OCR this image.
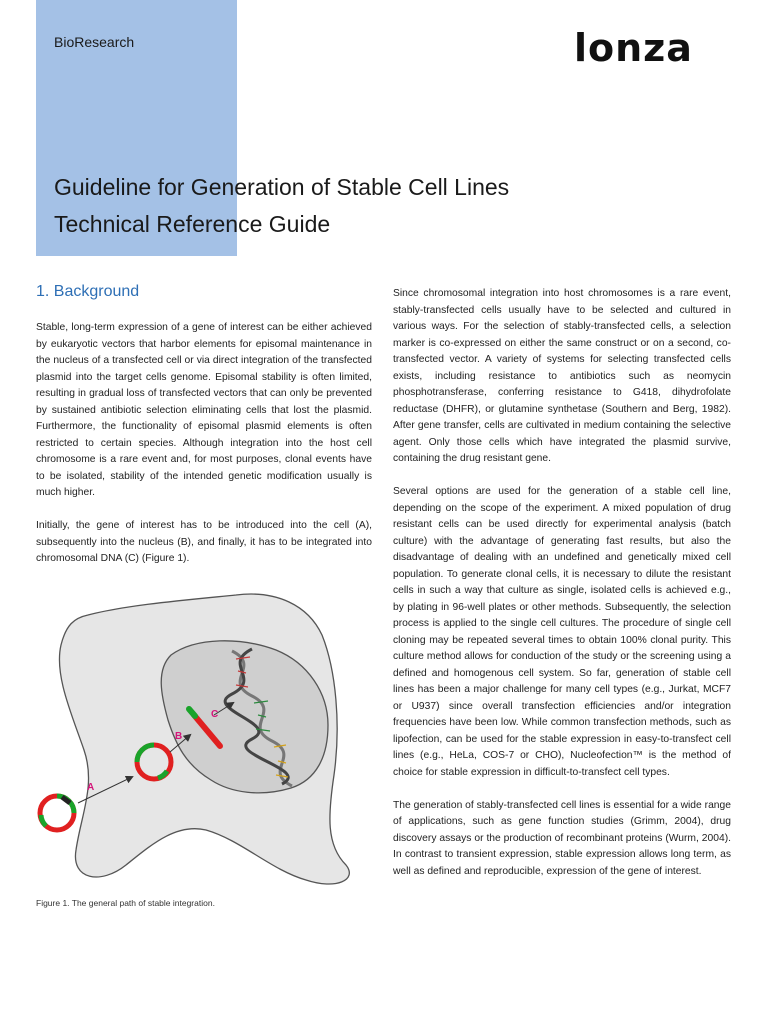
BioResearch	lonza
Guideline for Generation of Stable Cell Lines
Technical Reference Guide
1. Background

Stable, long-term expression of a gene of interest can be either achieved by eukaryotic vectors that harbor elements for episomal maintenance in the nucleus of a transfected cell or via direct integration of the transfected plasmid into the target cells genome. Episomal stability is often limited, resulting in gradual loss of transfected vectors that can only be prevented by sustained antibiotic selection eliminating cells that lost the plasmid. Furthermore, the functionality of episomal plasmid elements is often restricted to certain species. Although integration into the host cell chromosome is a rare event and, for most purposes, clonal events have to be isolated, stability of the intended genetic modification usually is much higher.

Initially, the gene of interest has to be introduced into the cell (A), subsequently into the nucleus (B), and finally, it has to be integrated into chromosomal DNA (C) (Figure 1).

A
B
C
Figure 1. The general path of stable integration.

Since chromosomal integration into host chromosomes is a rare event, stably-transfected cells usually have to be selected and cultured in various ways. For the selection of stably-transfected cells, a selection marker is co-expressed on either the same construct or on a second, co-transfected vector. A variety of systems for selecting transfected cells exists, including resistance to antibiotics such as neomycin phosphotransferase, conferring resistance to G418, dihydrofolate reductase (DHFR), or glutamine synthetase (Southern and Berg, 1982). After gene transfer, cells are cultivated in medium containing the selective agent. Only those cells which have integrated the plasmid survive, containing the drug resistant gene.

Several options are used for the generation of a stable cell line, depending on the scope of the experiment. A mixed population of drug resistant cells can be used directly for experimental analysis (batch culture) with the advantage of generating fast results, but also the disadvantage of dealing with an undefined and genetically mixed cell population. To generate clonal cells, it is necessary to dilute the resistant cells in such a way that culture as single, isolated cells is achieved e.g., by plating in 96-well plates or other methods. Subsequently, the selection process is applied to the single cell cultures. The procedure of single cell cloning may be repeated several times to obtain 100% clonal purity. This culture method allows for conduction of the study or the screening using a defined and homogenous cell system. So far, generation of stable cell lines has been a major challenge for many cell types (e.g., Jurkat, MCF7 or U937) since overall transfection efficiencies and/or integration frequencies have been low. While common transfection methods, such as lipofection, can be used for the stable expression in easy-to-transfect cell lines (e.g., HeLa, COS-7 or CHO), Nucleofection™ is the method of choice for stable expression in difficult-to-transfect cell types.

The generation of stably-transfected cell lines is essential for a wide range of applications, such as gene function studies (Grimm, 2004), drug discovery assays or the production of recombinant proteins (Wurm, 2004). In contrast to transient expression, stable expression allows long term, as well as defined and reproducible, expression of the gene of interest.
